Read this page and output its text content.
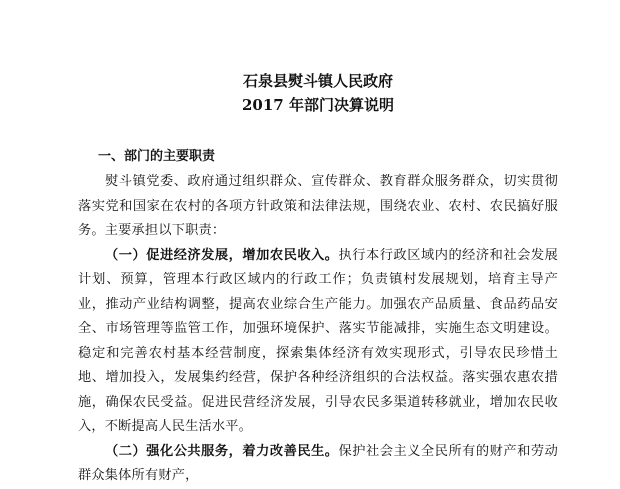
石泉县熨斗镇人民政府
2017 年部门决算说明
一、部门的主要职责

熨斗镇党委、政府通过组织群众、宣传群众、教育群众服务群众，切实贯彻落实党和国家在农村的各项方针政策和法律法规，围绕农业、农村、农民搞好服务。主要承担以下职责：

（一）促进经济发展，增加农民收入。执行本行政区域内的经济和社会发展计划、预算，管理本行政区域内的行政工作；负责镇村发展规划，培育主导产业，推动产业结构调整，提高农业综合生产能力。加强农产品质量、食品药品安全、市场管理等监管工作，加强环境保护、落实节能减排，实施生态文明建设。稳定和完善农村基本经营制度，探索集体经济有效实现形式，引导农民珍惜土地、增加投入，发展集约经营，保护各种经济组织的合法权益。落实强农惠农措施，确保农民受益。促进民营经济发展，引导农民多渠道转移就业，增加农民收入，不断提高人民生活水平。

（二）强化公共服务，着力改善民生。保护社会主义全民所有的财产和劳动群众集体所有财产，
